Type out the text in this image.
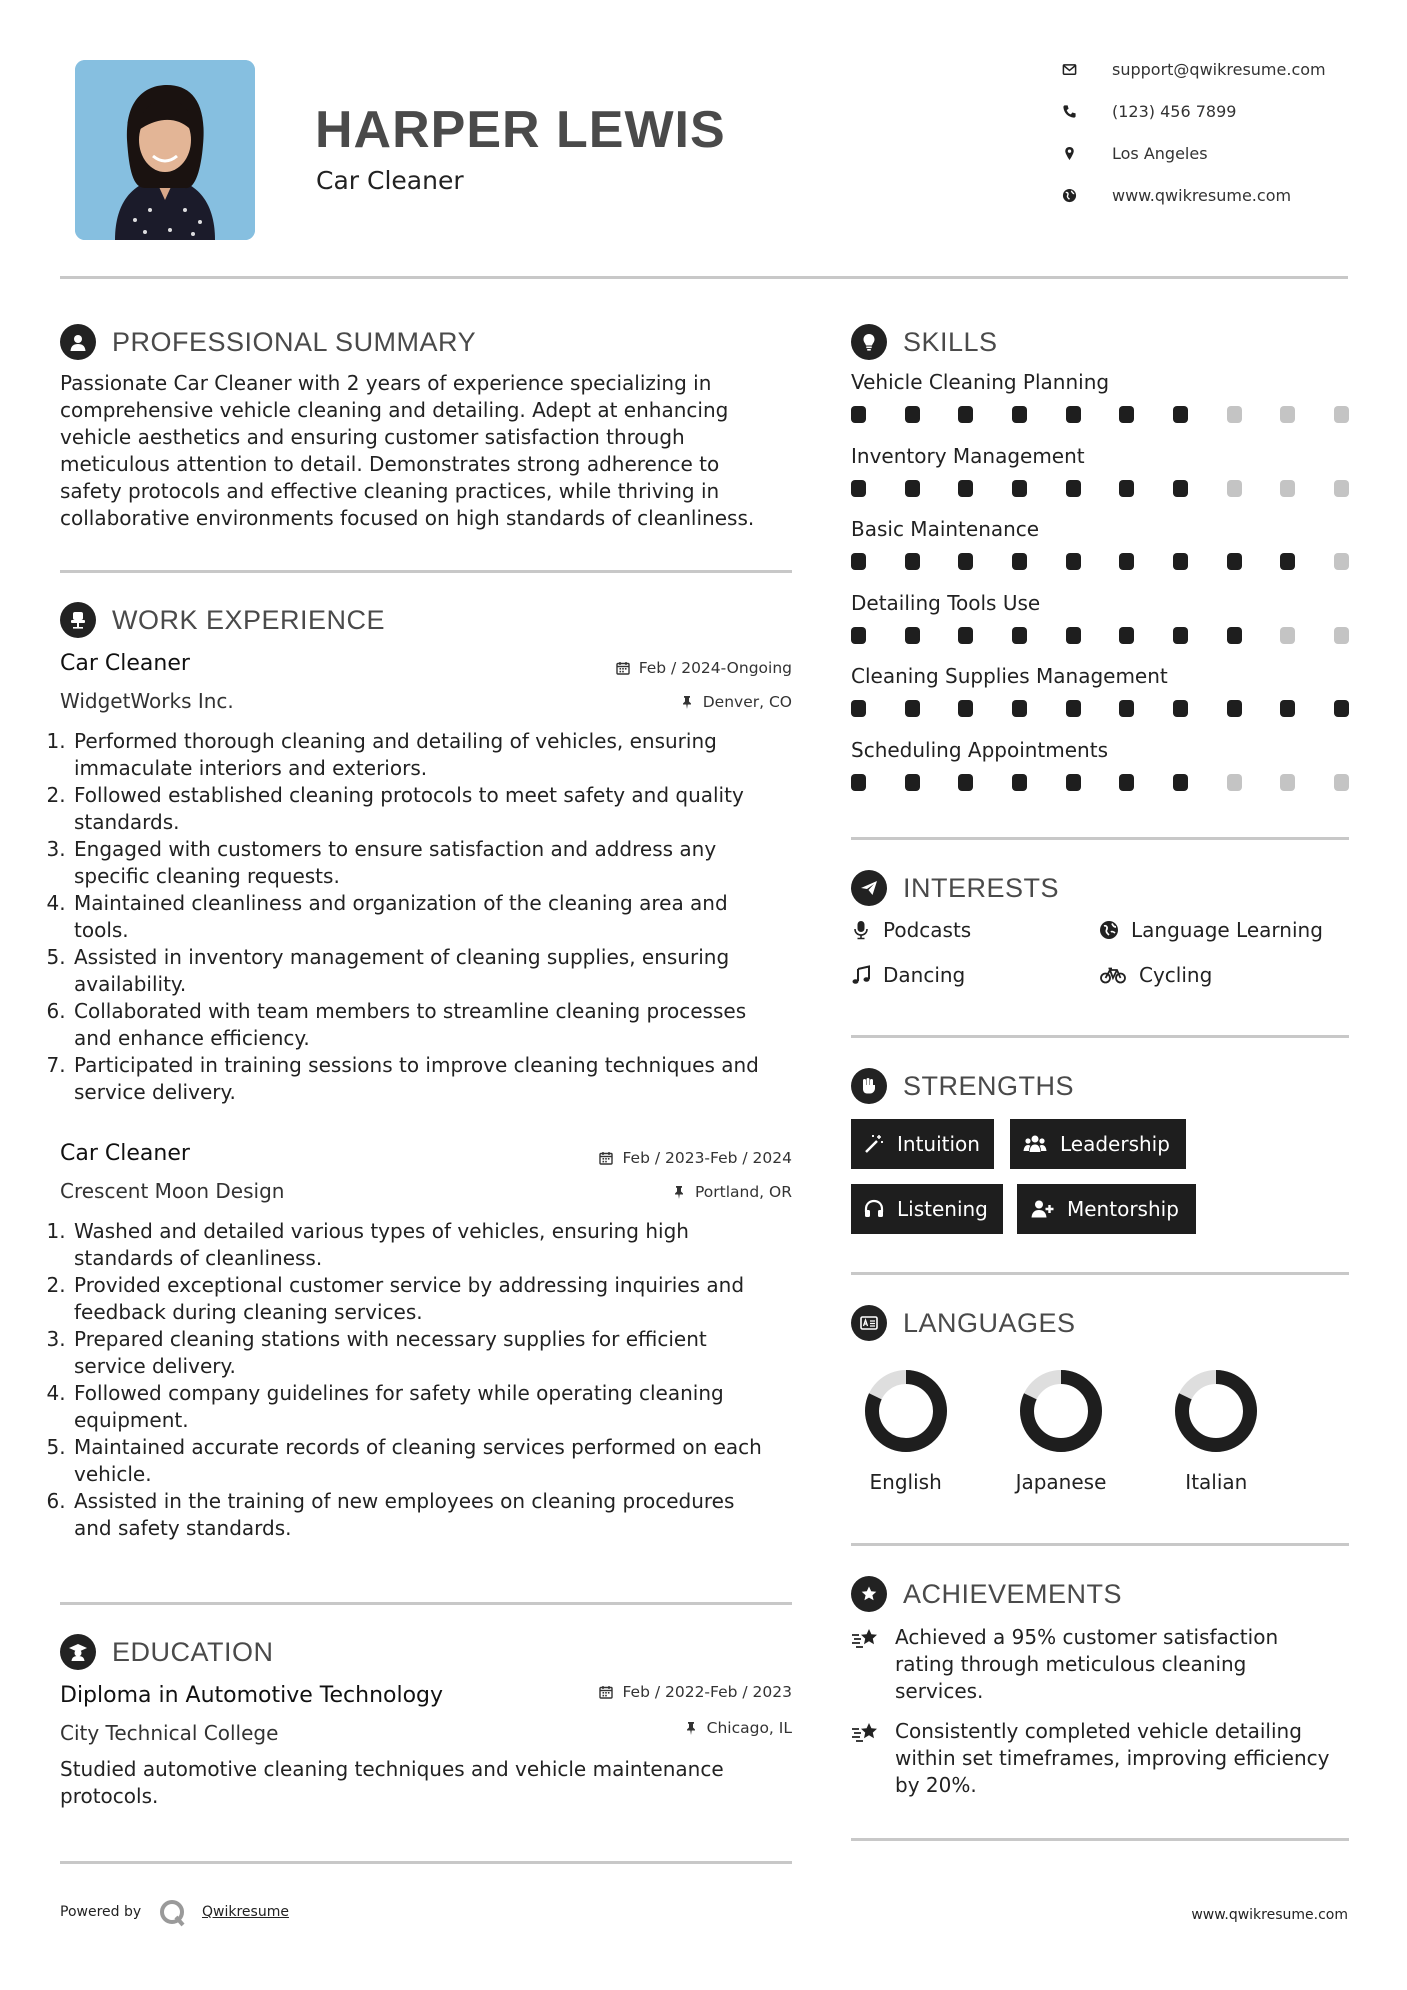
HARPER LEWIS
Car Cleaner
support@qwikresume.com
(123) 456 7899
Los Angeles
www.qwikresume.com
PROFESSIONAL SUMMARY
Passionate Car Cleaner with 2 years of experience specializing in
comprehensive vehicle cleaning and detailing. Adept at enhancing
vehicle aesthetics and ensuring customer satisfaction through
meticulous attention to detail. Demonstrates strong adherence to
safety protocols and effective cleaning practices, while thriving in
collaborative environments focused on high standards of cleanliness.
WORK EXPERIENCE
Car Cleaner	Feb / 2024-Ongoing
WidgetWorks Inc.	Denver, CO
1. Performed thorough cleaning and detailing of vehicles, ensuring
immaculate interiors and exteriors.
2. Followed established cleaning protocols to meet safety and quality
standards.
3. Engaged with customers to ensure satisfaction and address any
specific cleaning requests.
4. Maintained cleanliness and organization of the cleaning area and
tools.
5. Assisted in inventory management of cleaning supplies, ensuring
availability.
6. Collaborated with team members to streamline cleaning processes
and enhance efficiency.
7. Participated in training sessions to improve cleaning techniques and
service delivery.
Car Cleaner	Feb / 2023-Feb / 2024
Crescent Moon Design	Portland, OR
1. Washed and detailed various types of vehicles, ensuring high
standards of cleanliness.
2. Provided exceptional customer service by addressing inquiries and
feedback during cleaning services.
3. Prepared cleaning stations with necessary supplies for efficient
service delivery.
4. Followed company guidelines for safety while operating cleaning
equipment.
5. Maintained accurate records of cleaning services performed on each
vehicle.
6. Assisted in the training of new employees on cleaning procedures
and safety standards.
EDUCATION
Diploma in Automotive Technology	Feb / 2022-Feb / 2023
City Technical College	Chicago, IL
Studied automotive cleaning techniques and vehicle maintenance
protocols.
SKILLS
Vehicle Cleaning Planning
Inventory Management
Basic Maintenance
Detailing Tools Use
Cleaning Supplies Management
Scheduling Appointments
INTERESTS
Podcasts	Language Learning
Dancing	Cycling
STRENGTHS
Intuition	Leadership
Listening	Mentorship
LANGUAGES
English	Japanese	Italian
ACHIEVEMENTS
Achieved a 95% customer satisfaction
rating through meticulous cleaning
services.
Consistently completed vehicle detailing
within set timeframes, improving efficiency
by 20%.
Powered by	Qwikresume	www.qwikresume.com
